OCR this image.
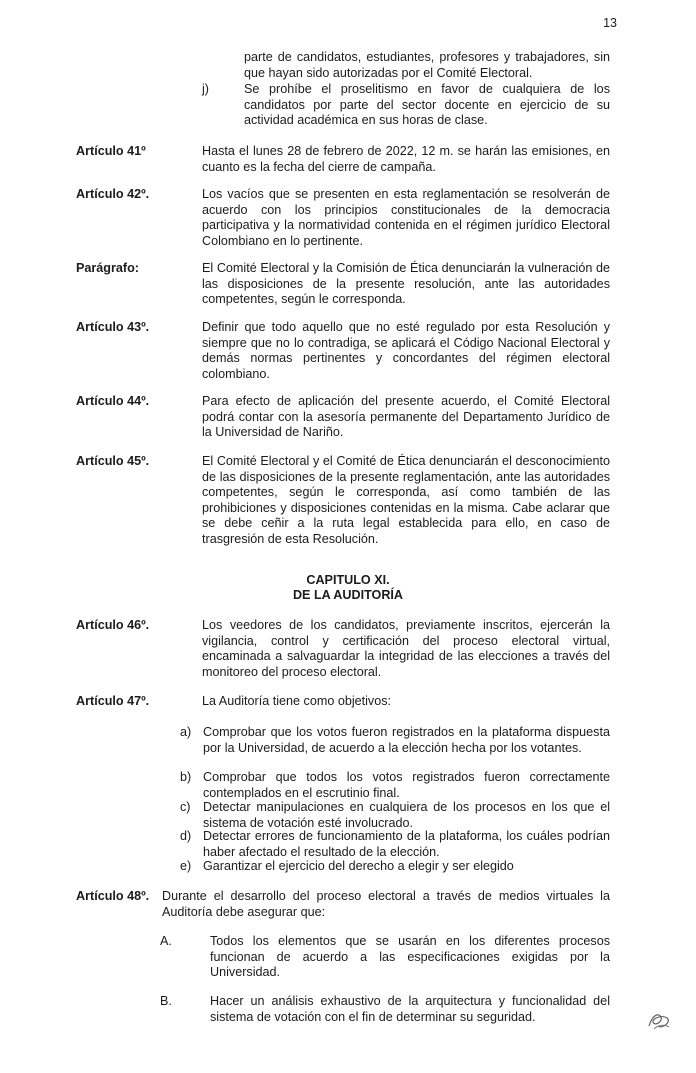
13

parte de candidatos, estudiantes, profesores y trabajadores, sin que hayan sido autorizadas por el Comité Electoral.

j)	Se prohíbe el proselitismo en favor de cualquiera de los candidatos por parte del sector docente en ejercicio de su actividad académica en sus horas de clase.

Artículo 41º	Hasta el lunes 28 de febrero de 2022, 12 m. se harán las emisiones, en cuanto es la fecha del cierre de campaña.

Artículo 42º.	Los vacíos que se presenten en esta reglamentación se resolverán de acuerdo con los principios constitucionales de la democracia participativa y la normatividad contenida en el régimen jurídico Electoral Colombiano en lo pertinente.

Parágrafo:	El Comité Electoral y la Comisión de Ética denunciarán la vulneración de las disposiciones de la presente resolución, ante las autoridades competentes, según le corresponda.

Artículo 43º.	Definir que todo aquello que no esté regulado por esta Resolución y siempre que no lo contradiga, se aplicará el Código Nacional Electoral y demás normas pertinentes y concordantes del régimen electoral colombiano.

Artículo 44º.	Para efecto de aplicación del presente acuerdo, el Comité Electoral podrá contar con la asesoría permanente del Departamento Jurídico de la Universidad de Nariño.

Artículo 45º.	El Comité Electoral y el Comité de Ética denunciarán el desconocimiento de las disposiciones de la presente reglamentación, ante las autoridades competentes, según le corresponda, así como también de las prohibiciones y disposiciones contenidas en la misma. Cabe aclarar que se debe ceñir a la ruta legal establecida para ello, en caso de trasgresión de esta Resolución.

CAPITULO XI.
DE LA AUDITORÍA
Artículo 46º.	Los veedores de los candidatos, previamente inscritos, ejercerán la vigilancia, control y certificación del proceso electoral virtual, encaminada a salvaguardar la integridad de las elecciones a través del monitoreo del proceso electoral.

Artículo 47º.	La Auditoría tiene como objetivos:

a) Comprobar que los votos fueron registrados en la plataforma dispuesta por la Universidad, de acuerdo a la elección hecha por los votantes.

b) Comprobar que todos los votos registrados fueron correctamente contemplados en el escrutinio final.

c) Detectar manipulaciones en cualquiera de los procesos en los que el sistema de votación esté involucrado.

d) Detectar errores de funcionamiento de la plataforma, los cuáles podrían haber afectado el resultado de la elección.

e) Garantizar el ejercicio del derecho a elegir y ser elegido

Artículo 48º. Durante el desarrollo del proceso electoral a través de medios virtuales la Auditoría debe asegurar que:

A.	Todos los elementos que se usarán en los diferentes procesos funcionan de acuerdo a las especificaciones exigidas por la Universidad.

B.	Hacer un análisis exhaustivo de la arquitectura y funcionalidad del sistema de votación con el fin de determinar su seguridad.
